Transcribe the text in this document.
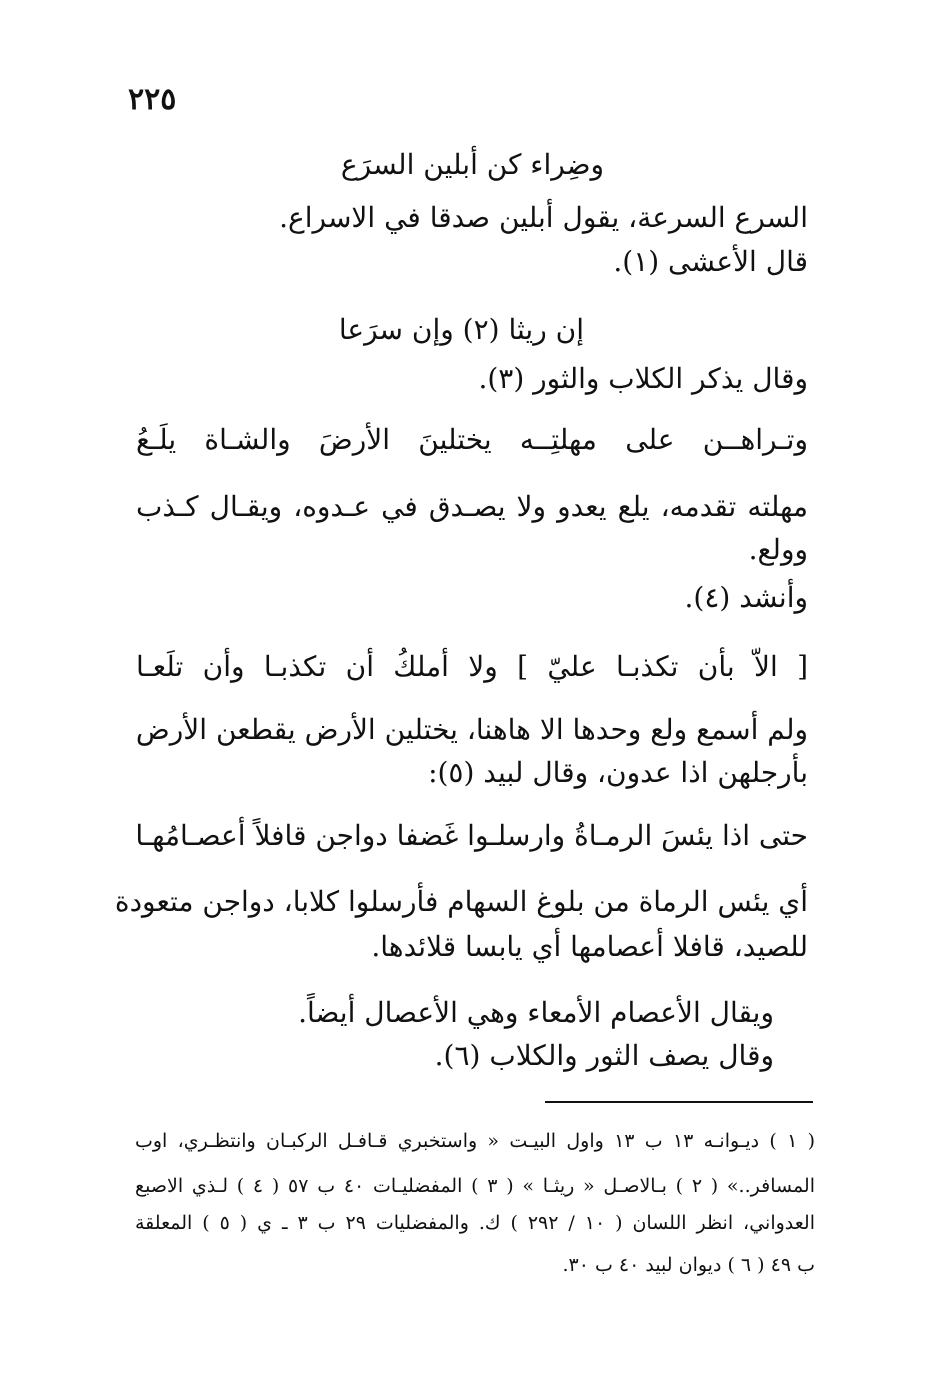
٢٢٥
وضِراء كن أبلين السرَع
السرع السرعة، يقول أبلين صدقا في الاسراع.
قال الأعشى (١).
إن ريثا (٢) وإن سرَعا
وقال يذكر الكلاب والثور (٣).
وتـراهــن على مهلتِــه يختلينَ الأرضَ والشـاة يلَـعُ
مهلته تقدمه، يلع يعدو ولا يصـدق في عـدوه، ويقـال كـذب
وولع.
وأنشد (٤).
[ الاّ بأن تكذبـا عليّ ] ولا أملكُ أن تكذبـا وأن تلَعـا
ولم أسمع ولع وحدها الا هاهنا، يختلين الأرض يقطعن الأرض
بأرجلهن اذا عدون، وقال لبيد (٥):
حتى اذا يئسَ الرمـاةُ وارسلـوا غَضفا دواجن قافلاً أعصـامُهـا
أي يئس الرماة من بلوغ السهام فأرسلوا كلابا، دواجن متعودة
للصيد، قافلا أعصامها أي يابسا قلائدها.
ويقال الأعصام الأمعاء وهي الأعصال أيضاً.
وقال يصف الثور والكلاب (٦).
( ١ ) ديـوانـه ١٣ ب ١٣ واول البيـت « واستخبري قـافـل الركبـان وانتظـري، اوب
المسافر..» ( ٢ ) بـالاصـل « ريثـا » ( ٣ ) المفضليـات ٤٠ ب ٥٧ ( ٤ ) لـذي الاصبع
العدواني، انظر اللسان ( ١٠ / ٢٩٢ ) ك. والمفضليات ٢٩ ب ٣ ـ ي ( ٥ ) المعلقة
ب ٤٩ ( ٦ ) ديوان لبيد ٤٠ ب ٣٠.
